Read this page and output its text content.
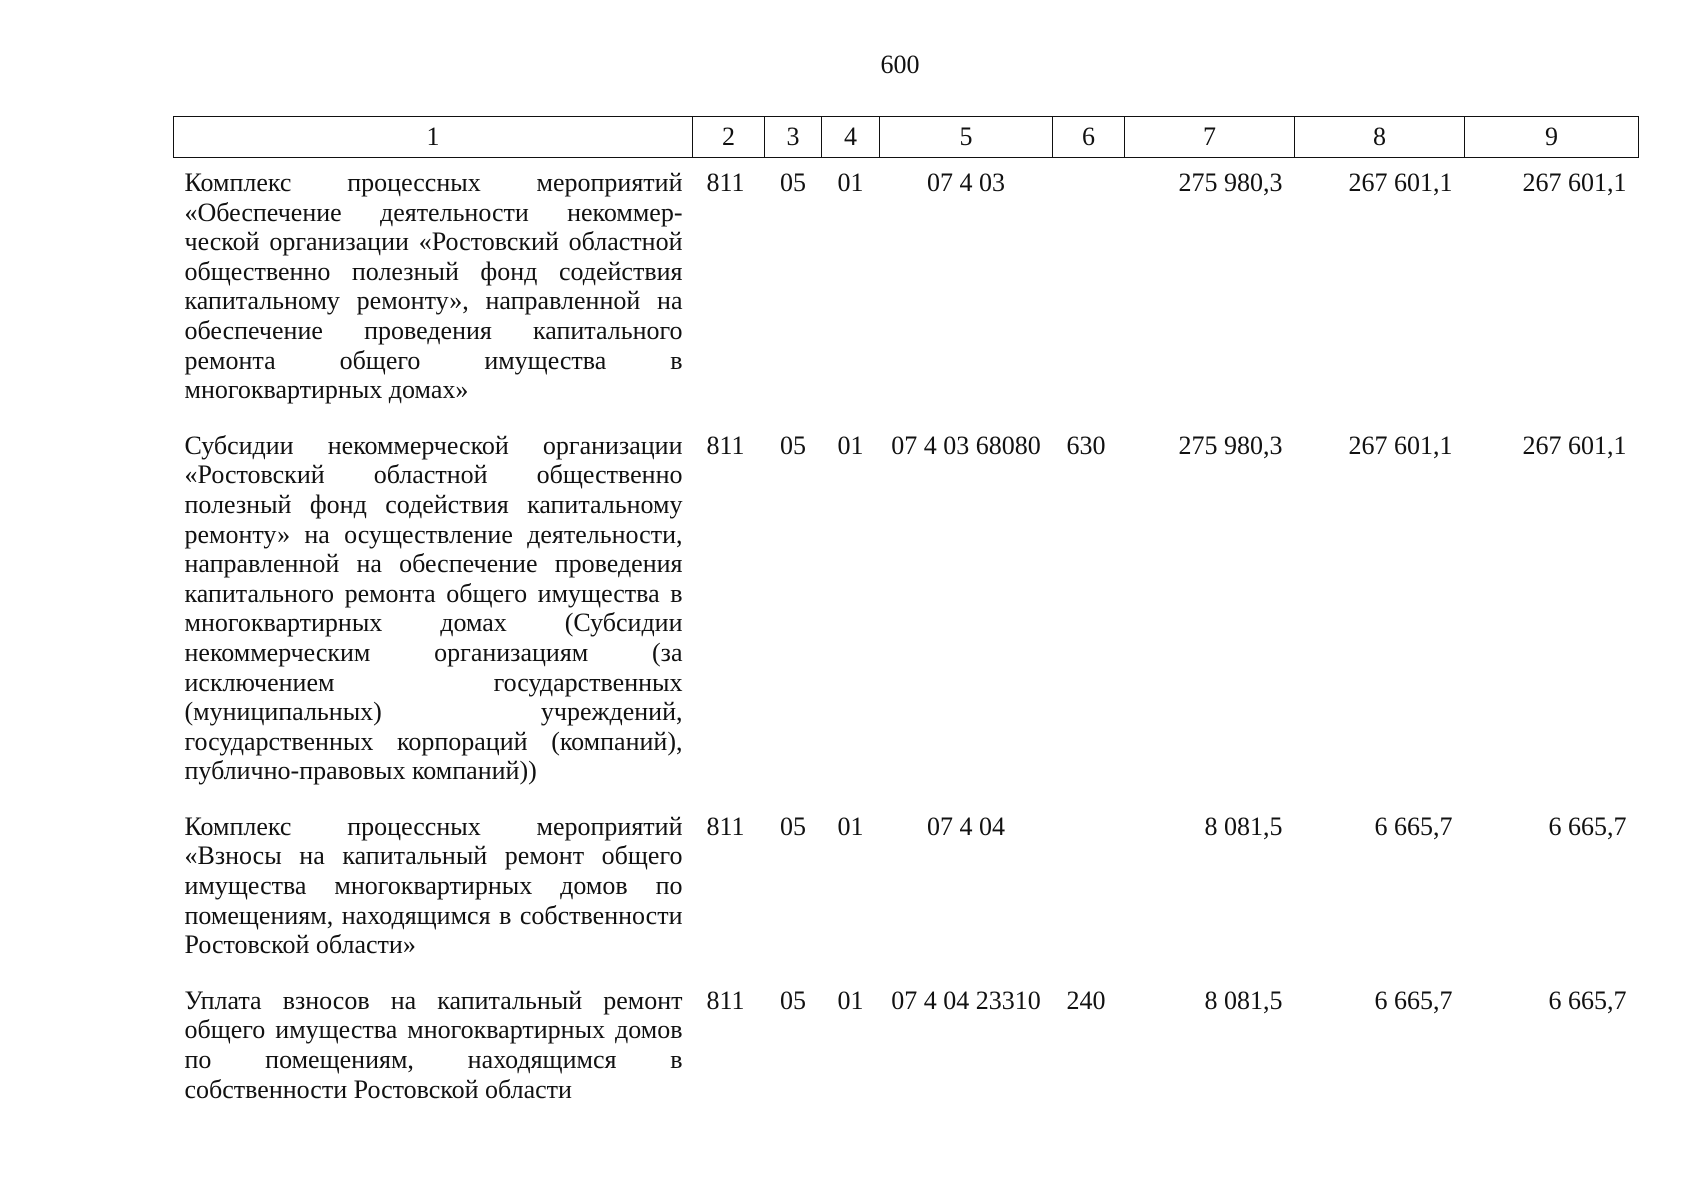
600
1	2	3	4	5	6	7	8	9
Комплекс процессных мероприятий «Обеспечение деятельности некоммерческой организации «Ростовский областной общественно полезный фонд содействия капитальному ремонту», направленной на обеспечение проведения капитального ремонта общего имущества в многоквартирных домах»	811	05	01	07 4 03		275 980,3	267 601,1	267 601,1
Субсидии некоммерческой организации «Ростовский областной общественно полезный фонд содействия капитальному ремонту» на осуществление деятельности, направленной на обеспечение проведения капитального ремонта общего имущества в многоквартирных домах (Субсидии некоммерческим организациям (за исключением государственных (муниципальных) учреждений, государственных корпораций (компаний), публично-правовых компаний))	811	05	01	07 4 03 68080	630	275 980,3	267 601,1	267 601,1
Комплекс процессных мероприятий «Взносы на капитальный ремонт общего имущества многоквартирных домов по помещениям, находящимся в собственности Ростовской области»	811	05	01	07 4 04		8 081,5	6 665,7	6 665,7
Уплата взносов на капитальный ремонт общего имущества многоквартирных домов по помещениям, находящимся в собственности Ростовской области	811	05	01	07 4 04 23310	240	8 081,5	6 665,7	6 665,7
